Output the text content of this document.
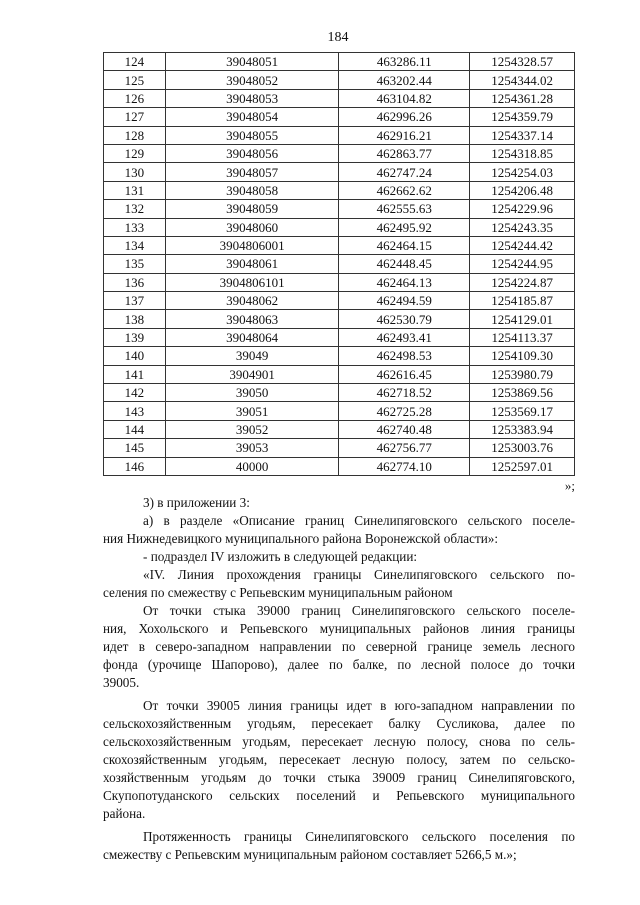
184
124	39048051	463286.11	1254328.57
125	39048052	463202.44	1254344.02
126	39048053	463104.82	1254361.28
127	39048054	462996.26	1254359.79
128	39048055	462916.21	1254337.14
129	39048056	462863.77	1254318.85
130	39048057	462747.24	1254254.03
131	39048058	462662.62	1254206.48
132	39048059	462555.63	1254229.96
133	39048060	462495.92	1254243.35
134	3904806001	462464.15	1254244.42
135	39048061	462448.45	1254244.95
136	3904806101	462464.13	1254224.87
137	39048062	462494.59	1254185.87
138	39048063	462530.79	1254129.01
139	39048064	462493.41	1254113.37
140	39049	462498.53	1254109.30
141	3904901	462616.45	1253980.79
142	39050	462718.52	1253869.56
143	39051	462725.28	1253569.17
144	39052	462740.48	1253383.94
145	39053	462756.77	1253003.76
146	40000	462774.10	1252597.01
»;
3) в приложении 3:
а) в разделе «Описание границ Синелипяговского сельского поселе-
ния Нижнедевицкого муниципального района Воронежской области»:
- подраздел IV изложить в следующей редакции:
«IV. Линия прохождения границы Синелипяговского сельского по-
селения по смежеству с Репьевским муниципальным районом
От точки стыка 39000 границ Синелипяговского сельского поселе-
ния, Хохольского и Репьевского муниципальных районов линия границы
идет в северо-западном направлении по северной границе земель лесного
фонда (урочище Шапорово), далее по балке, по лесной полосе до точки
39005.
От точки 39005 линия границы идет в юго-западном направлении по
сельскохозяйственным угодьям, пересекает балку Сусликова, далее по
сельскохозяйственным угодьям, пересекает лесную полосу, снова по сель-
скохозяйственным угодьям, пересекает лесную полосу, затем по сельско-
хозяйственным угодьям до точки стыка 39009 границ Синелипяговского,
Скупопотуданского сельских поселений и Репьевского муниципального
района.
Протяженность границы Синелипяговского сельского поселения по
смежеству с Репьевским муниципальным районом составляет 5266,5 м.»;
